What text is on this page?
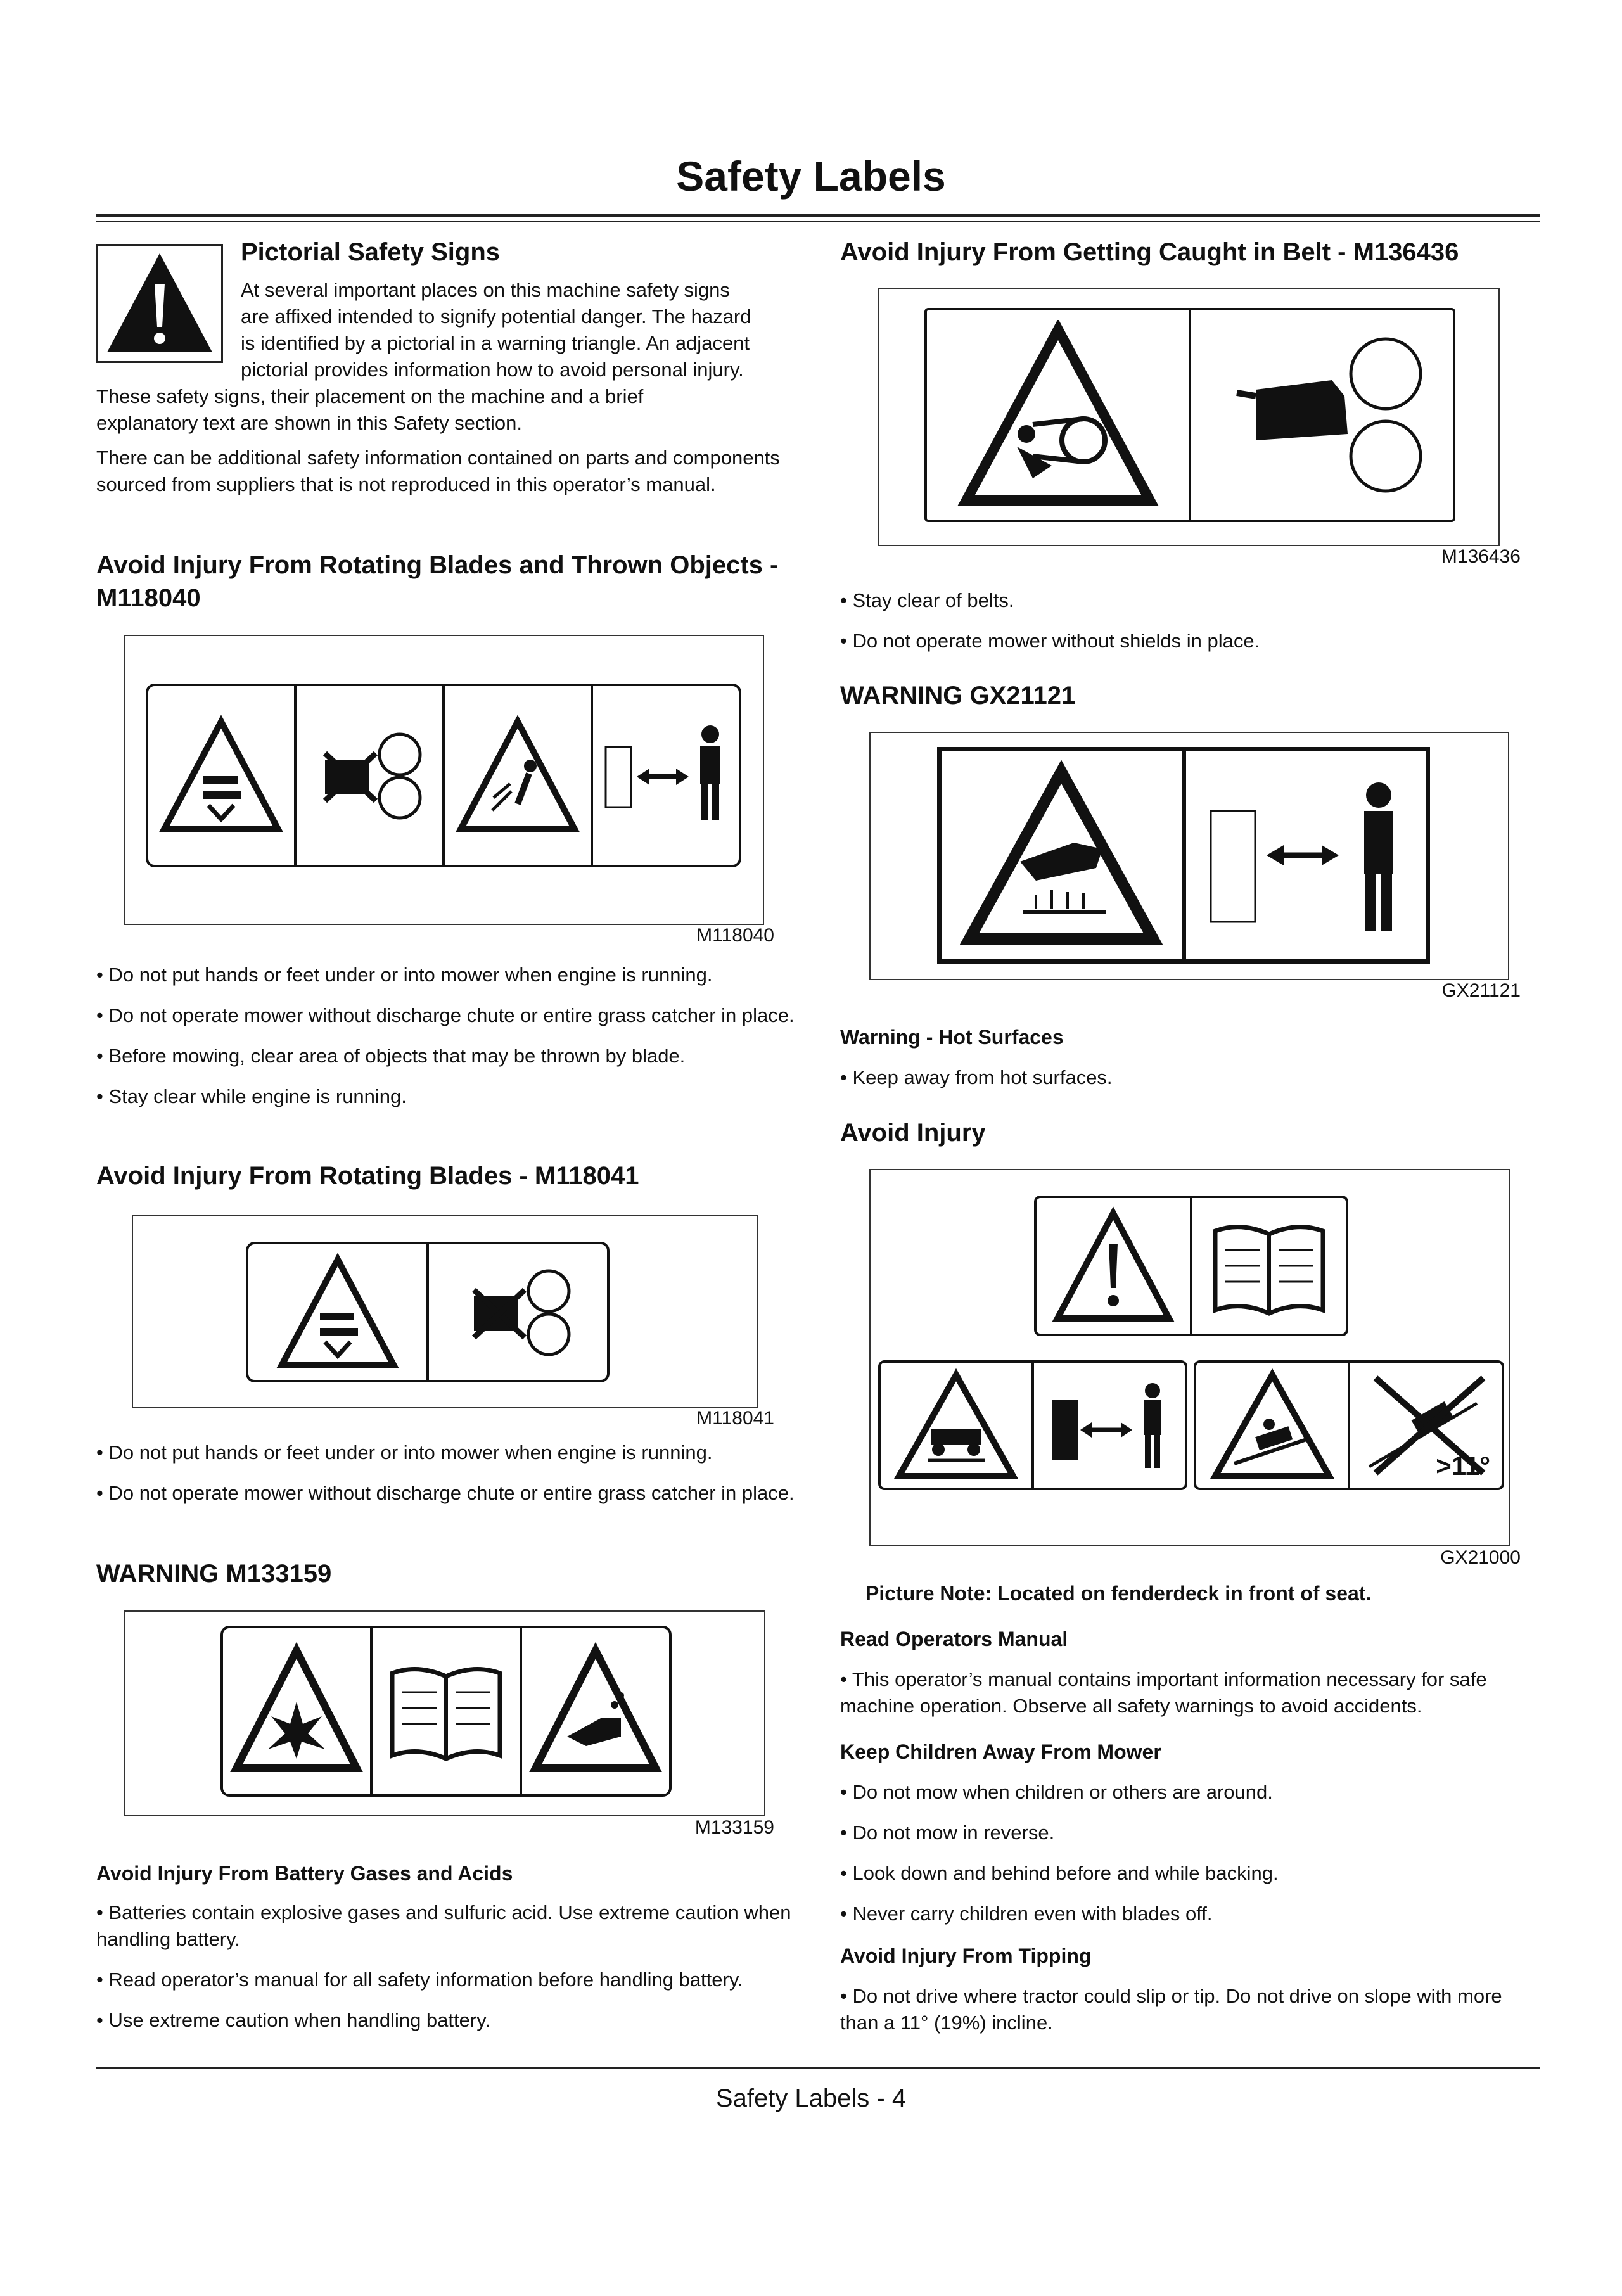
Safety Labels
Pictorial Safety Signs
At several important places on this machine safety signs
are affixed intended to signify potential danger. The hazard
is identified by a pictorial in a warning triangle. An adjacent
pictorial provides information how to avoid personal injury.
These safety signs, their placement on the machine and a brief
explanatory text are shown in this Safety section.
There can be additional safety information contained on parts and components sourced from suppliers that is not reproduced in this operator’s manual.
Avoid Injury From Rotating Blades and Thrown Objects - M118040
M118040
• Do not put hands or feet under or into mower when engine is running.
• Do not operate mower without discharge chute or entire grass catcher in place.
• Before mowing, clear area of objects that may be thrown by blade.
• Stay clear while engine is running.
Avoid Injury From Rotating Blades - M118041
M118041
• Do not put hands or feet under or into mower when engine is running.
• Do not operate mower without discharge chute or entire grass catcher in place.
WARNING M133159
M133159
Avoid Injury From Battery Gases and Acids
• Batteries contain explosive gases and sulfuric acid. Use extreme caution when handling battery.
• Read operator’s manual for all safety information before handling battery.
• Use extreme caution when handling battery.
Avoid Injury From Getting Caught in Belt - M136436
M136436
• Stay clear of belts.
• Do not operate mower without shields in place.
WARNING GX21121
GX21121
Warning - Hot Surfaces
• Keep away from hot surfaces.
Avoid Injury
>11°
GX21000
Picture Note: Located on fenderdeck in front of seat.
Read Operators Manual
• This operator’s manual contains important information necessary for safe machine operation. Observe all safety warnings to avoid accidents.
Keep Children Away From Mower
• Do not mow when children or others are around.
• Do not mow in reverse.
• Look down and behind before and while backing.
• Never carry children even with blades off.
Avoid Injury From Tipping
• Do not drive where tractor could slip or tip. Do not drive on slope with more than a 11° (19%) incline.
Safety Labels - 4
